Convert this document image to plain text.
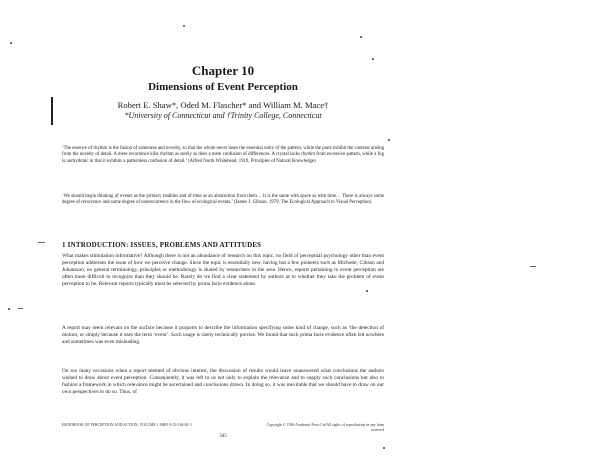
Chapter 10
Dimensions of Event Perception
Robert E. Shaw*, Oded M. Flascher* and William M. Mace†
*University of Connecticut and †Trinity College, Connecticut
‘The essence of rhythm is the fusion of sameness and novelty, so that the whole never loses the essential unity of the pattern, while the parts exhibit the contrast arising from the novelty of detail. A mere recurrence kills rhythm as surely as does a mere confusion of differences. A crystal lacks rhythm from excessive pattern, while a fog is unrhythmic in that it exhibits a patternless confusion of detail.’ (Alfred North Whitehead, 1919, Principles of Natural Knowledge)
‘We should begin thinking of events as the primary realities and of time as an abstraction from them… It is the same with space as with time… There is always some degree of recurrence and some degree of nonrecurrence in the flow of ecological events.’ (James J. Gibson, 1979, The Ecological Approach to Visual Perception)
1 INTRODUCTION: ISSUES, PROBLEMS AND ATTITUDES
What makes stimulation informative? Although there is not an abundance of research on this topic, no field of perceptual psychology other than event perception addresses the issue of how we perceive change. Since the topic is essentially new, having but a few pioneers such as Michotte, Gibson and Johansson, no general terminology, principles or methodology is shared by researchers in the area. Hence, reports pertaining to event perception are often more difficult to recognize than they should be. Rarely do we find a clear statement by authors as to whether they take the problem of event perception to be. Relevant reports typically must be selected by prima facie evidence alone.
A report may seem relevant on the surface because it purports to describe the information specifying some kind of change, such as ‘the detection of motion, or simply because it uses the term ‘event’. Such usage is rarely technically precise. We found that such prima facie evidence often led nowhere and sometimes was even misleading.
On too many occasions when a report seemed of obvious interest, the discussion of results would leave unanswered what conclusions the authors wished to draw about event perception. Consequently, it was left to us not only to explain the relevance and to supply such conclusions but also to fashion a framework in which relevance might be ascertained and conclusions drawn. In doing so, it was inevitable that we should have to draw on our own perspectives to do so. Thus, of
HANDBOOK OF PERCEPTION AND ACTION: VOLUME 1 ISBN 0-12-516161-1	Copyright © 1996 Academic Press Ltd All rights of reproduction in any form reserved
345
